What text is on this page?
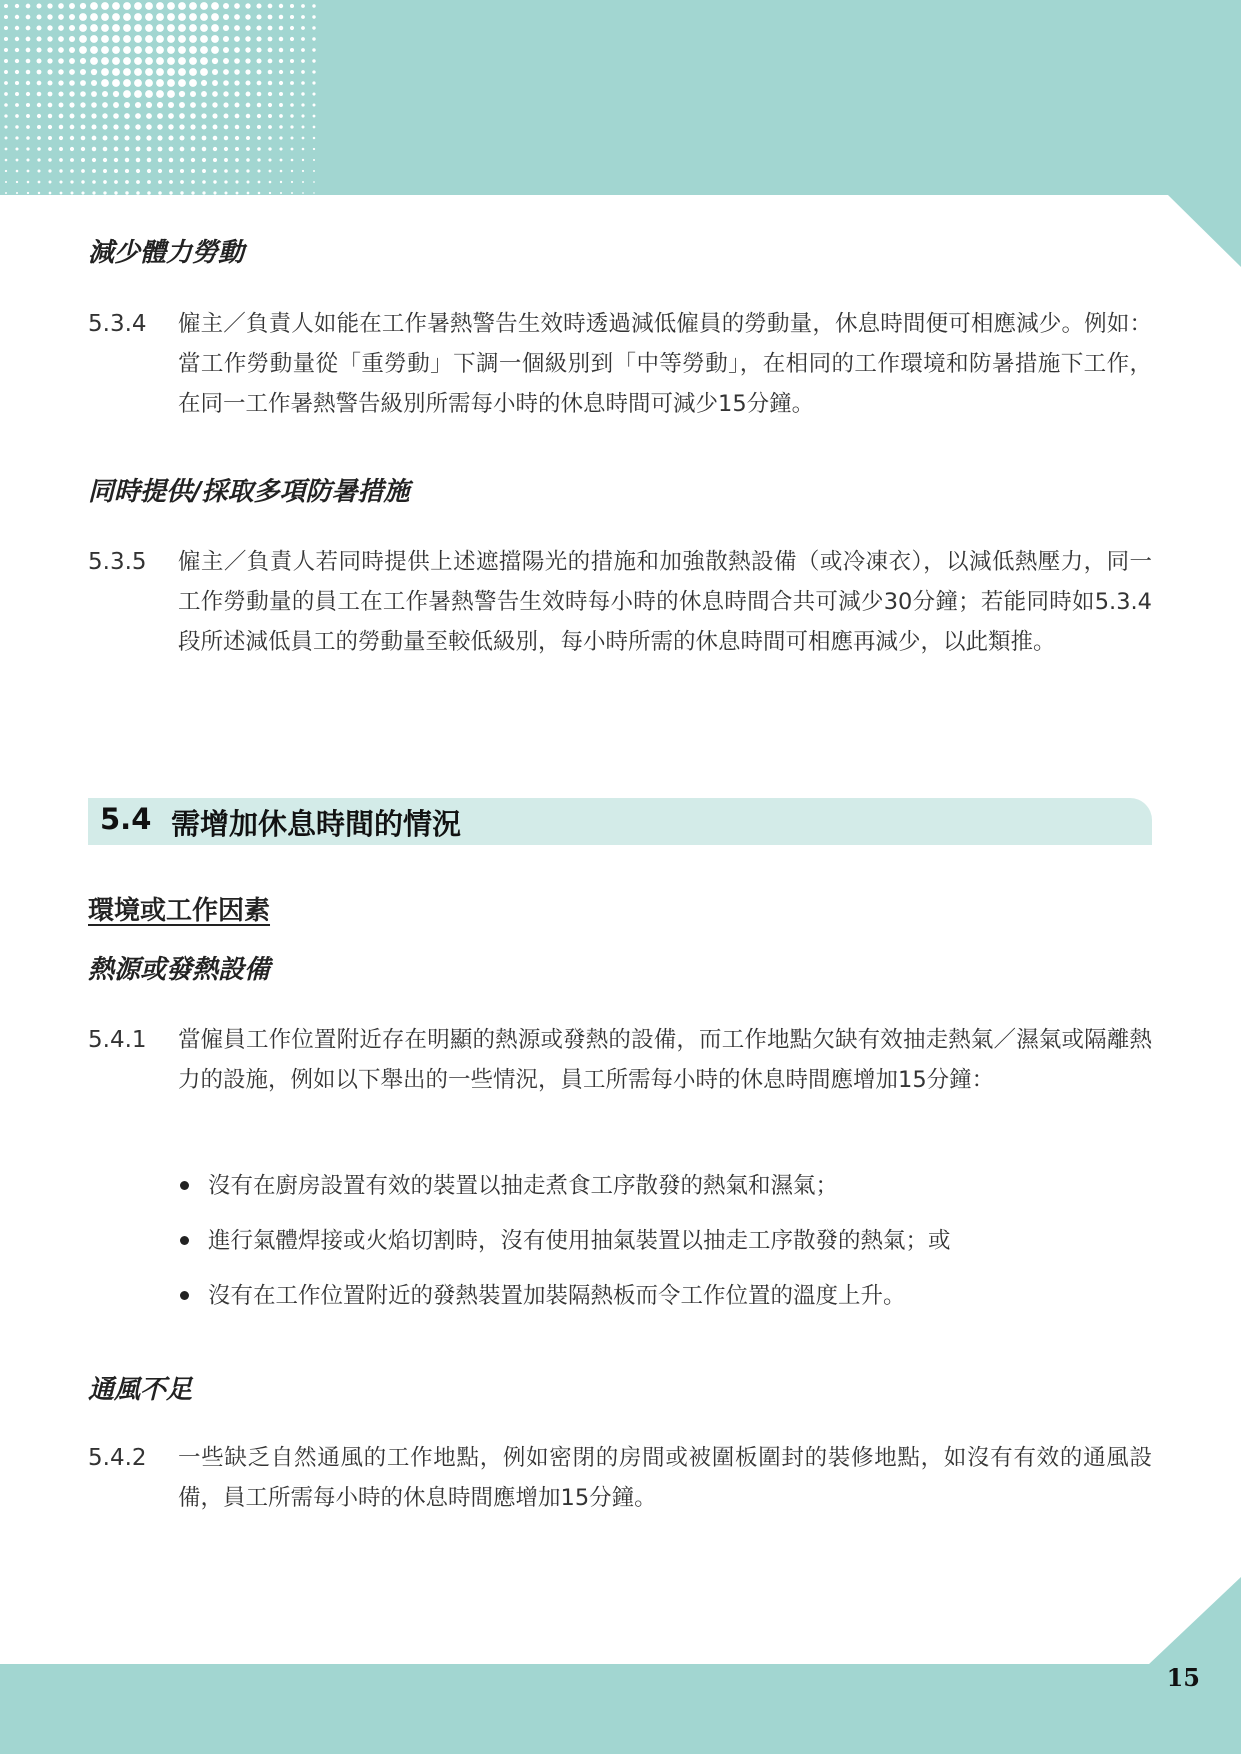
15
減少體力勞動
5.3.4 僱主／負責人如能在工作暑熱警告生效時透過減低僱員的勞動量，休息時間便可相應減少。例如：當工作勞動量從「重勞動」下調一個級別到「中等勞動」，在相同的工作環境和防暑措施下工作，在同一工作暑熱警告級別所需每小時的休息時間可減少15分鐘。
同時提供/採取多項防暑措施
5.3.5 僱主／負責人若同時提供上述遮擋陽光的措施和加強散熱設備（或冷凍衣），以減低熱壓力，同一工作勞動量的員工在工作暑熱警告生效時每小時的休息時間合共可減少30分鐘；若能同時如5.3.4段所述減低員工的勞動量至較低級別，每小時所需的休息時間可相應再減少，以此類推。
5.4 需增加休息時間的情況
環境或工作因素
熱源或發熱設備
5.4.1 當僱員工作位置附近存在明顯的熱源或發熱的設備，而工作地點欠缺有效抽走熱氣／濕氣或隔離熱力的設施，例如以下舉出的一些情況，員工所需每小時的休息時間應增加15分鐘：
沒有在廚房設置有效的裝置以抽走煮食工序散發的熱氣和濕氣；
進行氣體焊接或火焰切割時，沒有使用抽氣裝置以抽走工序散發的熱氣；或
沒有在工作位置附近的發熱裝置加裝隔熱板而令工作位置的溫度上升。
通風不足
5.4.2 一些缺乏自然通風的工作地點，例如密閉的房間或被圍板圍封的裝修地點，如沒有有效的通風設備，員工所需每小時的休息時間應增加15分鐘。
